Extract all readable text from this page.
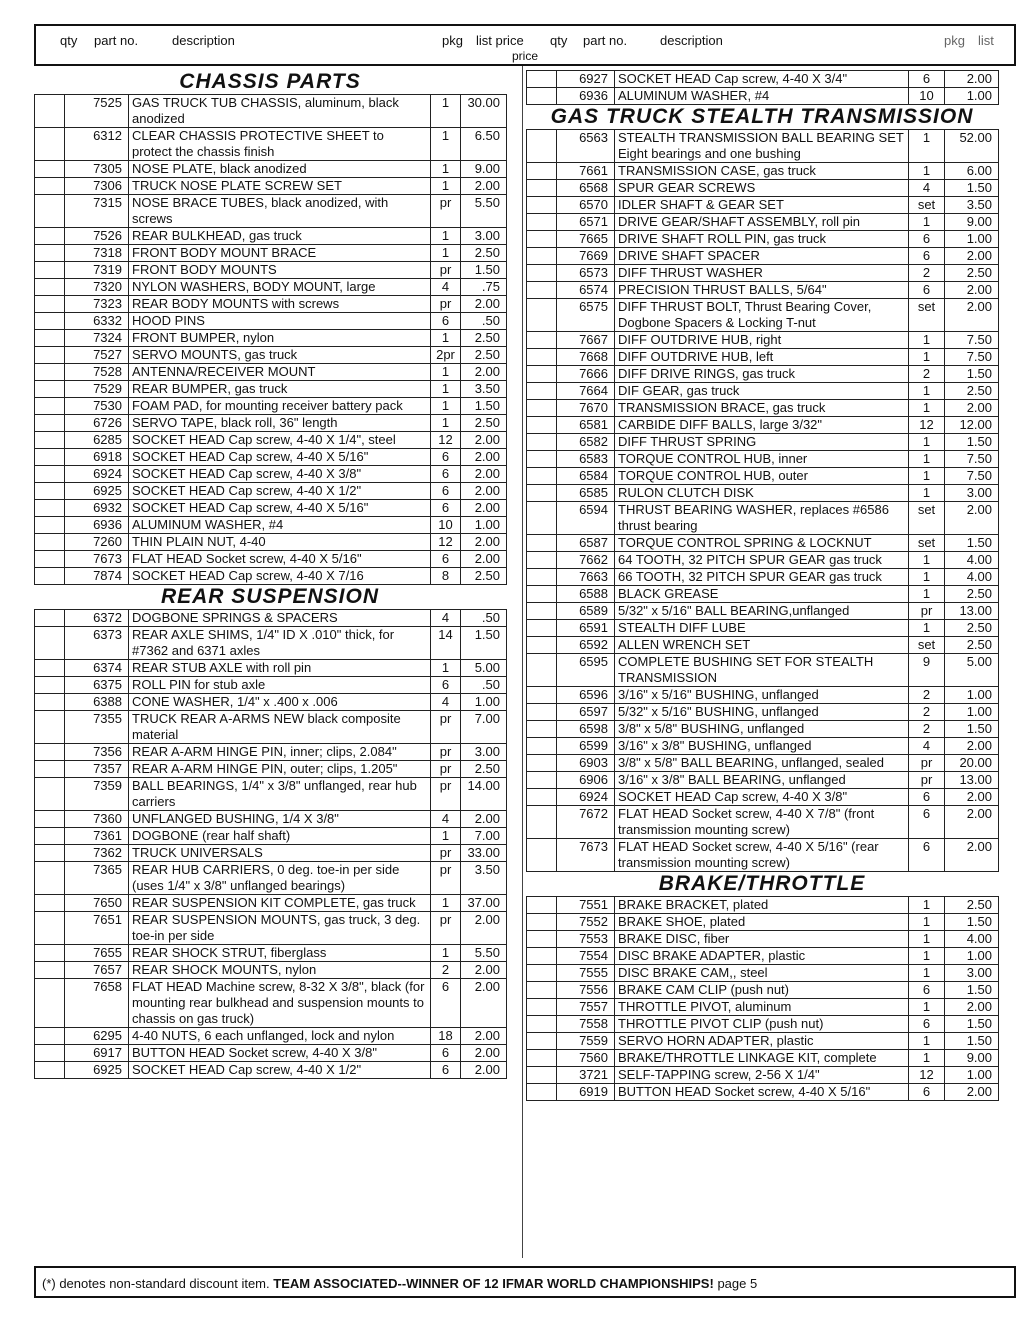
qty part no.	description	pkg list price qty part no.	description	pkg list
price
CHASSIS PARTS
	7525	GAS TRUCK TUB CHASSIS, aluminum, black anodized	1	30.00
	6312	CLEAR CHASSIS PROTECTIVE SHEET to protect the chassis finish	1	6.50
	7305	NOSE PLATE, black anodized	1	9.00
	7306	TRUCK NOSE PLATE SCREW SET	1	2.00
	7315	NOSE BRACE TUBES, black anodized, with screws	pr	5.50
	7526	REAR BULKHEAD, gas truck	1	3.00
	7318	FRONT BODY MOUNT BRACE	1	2.50
	7319	FRONT BODY MOUNTS	pr	1.50
	7320	NYLON WASHERS, BODY MOUNT, large	4	.75
	7323	REAR BODY MOUNTS with screws	pr	2.00
	6332	HOOD PINS	6	.50
	7324	FRONT BUMPER, nylon	1	2.50
	7527	SERVO MOUNTS, gas truck	2pr	2.50
	7528	ANTENNA/RECEIVER MOUNT	1	2.00
	7529	REAR BUMPER, gas truck	1	3.50
	7530	FOAM PAD, for mounting receiver battery pack	1	1.50
	6726	SERVO TAPE, black roll, 36" length	1	2.50
	6285	SOCKET HEAD Cap screw, 4-40 X 1/4", steel	12	2.00
	6918	SOCKET HEAD Cap screw, 4-40 X 5/16"	6	2.00
	6924	SOCKET HEAD Cap screw, 4-40 X 3/8"	6	2.00
	6925	SOCKET HEAD Cap screw, 4-40 X 1/2"	6	2.00
	6932	SOCKET HEAD Cap screw, 4-40 X 5/16"	6	2.00
	6936	ALUMINUM WASHER, #4	10	1.00
	7260	THIN PLAIN NUT, 4-40	12	2.00
	7673	FLAT HEAD Socket screw, 4-40 X 5/16"	6	2.00
	7874	SOCKET HEAD Cap screw, 4-40 X 7/16	8	2.50
REAR SUSPENSION
	6372	DOGBONE SPRINGS & SPACERS	4	.50
	6373	REAR AXLE SHIMS, 1/4" ID X .010" thick, for #7362 and 6371 axles	14	1.50
	6374	REAR STUB AXLE with roll pin	1	5.00
	6375	ROLL PIN for stub axle	6	.50
	6388	CONE WASHER, 1/4" x .400 x .006	4	1.00
	7355	TRUCK REAR A-ARMS NEW black composite material	pr	7.00
	7356	REAR A-ARM HINGE PIN, inner; clips, 2.084"	pr	3.00
	7357	REAR A-ARM HINGE PIN, outer; clips, 1.205"	pr	2.50
	7359	BALL BEARINGS, 1/4" x 3/8" unflanged, rear hub carriers	pr	14.00
	7360	UNFLANGED BUSHING, 1/4 X 3/8"	4	2.00
	7361	DOGBONE (rear half shaft)	1	7.00
	7362	TRUCK UNIVERSALS	pr	33.00
	7365	REAR HUB CARRIERS, 0 deg. toe-in per side (uses 1/4" x 3/8" unflanged bearings)	pr	3.50
	7650	REAR SUSPENSION KIT COMPLETE, gas truck	1	37.00
	7651	REAR SUSPENSION MOUNTS, gas truck, 3 deg. toe-in per side	pr	2.00
	7655	REAR SHOCK STRUT, fiberglass	1	5.50
	7657	REAR SHOCK MOUNTS, nylon	2	2.00
	7658	FLAT HEAD Machine screw, 8-32 X 3/8", black (for mounting rear bulkhead and suspension mounts to chassis on gas truck)	6	2.00
	6295	4-40 NUTS, 6 each unflanged, lock and nylon	18	2.00
	6917	BUTTON HEAD Socket screw, 4-40 X 3/8"	6	2.00
	6925	SOCKET HEAD Cap screw, 4-40 X 1/2"	6	2.00
	6927	SOCKET HEAD Cap screw, 4-40 X 3/4"	6	2.00
	6936	ALUMINUM WASHER, #4	10	1.00
GAS TRUCK STEALTH TRANSMISSION
	6563	STEALTH TRANSMISSION BALL BEARING SET Eight bearings and one bushing	1	52.00
	7661	TRANSMISSION CASE, gas truck	1	6.00
	6568	SPUR GEAR SCREWS	4	1.50
	6570	IDLER SHAFT & GEAR SET	set	3.50
	6571	DRIVE GEAR/SHAFT ASSEMBLY, roll pin	1	9.00
	7665	DRIVE SHAFT ROLL PIN, gas truck	6	1.00
	7669	DRIVE SHAFT SPACER	6	2.00
	6573	DIFF THRUST WASHER	2	2.50
	6574	PRECISION THRUST BALLS, 5/64"	6	2.00
	6575	DIFF THRUST BOLT, Thrust Bearing Cover, Dogbone Spacers & Locking T-nut	set	2.00
	7667	DIFF OUTDRIVE HUB, right	1	7.50
	7668	DIFF OUTDRIVE HUB, left	1	7.50
	7666	DIFF DRIVE RINGS, gas truck	2	1.50
	7664	DIF GEAR, gas truck	1	2.50
	7670	TRANSMISSION BRACE, gas truck	1	2.00
	6581	CARBIDE DIFF BALLS, large 3/32"	12	12.00
	6582	DIFF THRUST SPRING	1	1.50
	6583	TORQUE CONTROL HUB, inner	1	7.50
	6584	TORQUE CONTROL HUB, outer	1	7.50
	6585	RULON CLUTCH DISK	1	3.00
	6594	THRUST BEARING WASHER, replaces #6586 thrust bearing	set	2.00
	6587	TORQUE CONTROL SPRING & LOCKNUT	set	1.50
	7662	64 TOOTH, 32 PITCH SPUR GEAR gas truck	1	4.00
	7663	66 TOOTH, 32 PITCH SPUR GEAR gas truck	1	4.00
	6588	BLACK GREASE	1	2.50
	6589	5/32" x 5/16" BALL BEARING,unflanged	pr	13.00
	6591	STEALTH DIFF LUBE	1	2.50
	6592	ALLEN WRENCH SET	set	2.50
	6595	COMPLETE BUSHING SET FOR STEALTH TRANSMISSION	9	5.00
	6596	3/16" x 5/16" BUSHING, unflanged	2	1.00
	6597	5/32" x 5/16" BUSHING, unflanged	2	1.00
	6598	3/8" x 5/8" BUSHING, unflanged	2	1.50
	6599	3/16" x 3/8" BUSHING, unflanged	4	2.00
	6903	3/8" x 5/8" BALL BEARING, unflanged, sealed	pr	20.00
	6906	3/16" x 3/8" BALL BEARING, unflanged	pr	13.00
	6924	SOCKET HEAD Cap screw, 4-40 X 3/8"	6	2.00
	7672	FLAT HEAD Socket screw, 4-40 X 7/8" (front transmission mounting screw)	6	2.00
	7673	FLAT HEAD Socket screw, 4-40 X 5/16" (rear transmission mounting screw)	6	2.00
BRAKE/THROTTLE
	7551	BRAKE BRACKET, plated	1	2.50
	7552	BRAKE SHOE, plated	1	1.50
	7553	BRAKE DISC, fiber	1	4.00
	7554	DISC BRAKE ADAPTER, plastic	1	1.00
	7555	DISC BRAKE CAM,, steel	1	3.00
	7556	BRAKE CAM CLIP (push nut)	6	1.50
	7557	THROTTLE PIVOT, aluminum	1	2.00
	7558	THROTTLE PIVOT CLIP (push nut)	6	1.50
	7559	SERVO HORN ADAPTER, plastic	1	1.50
	7560	BRAKE/THROTTLE LINKAGE KIT, complete	1	9.00
	3721	SELF-TAPPING screw, 2-56 X 1/4"	12	1.00
	6919	BUTTON HEAD Socket screw, 4-40 X 5/16"	6	2.00
(*) denotes non-standard discount item. TEAM ASSOCIATED--WINNER OF 12 IFMAR WORLD CHAMPIONSHIPS! page 5
